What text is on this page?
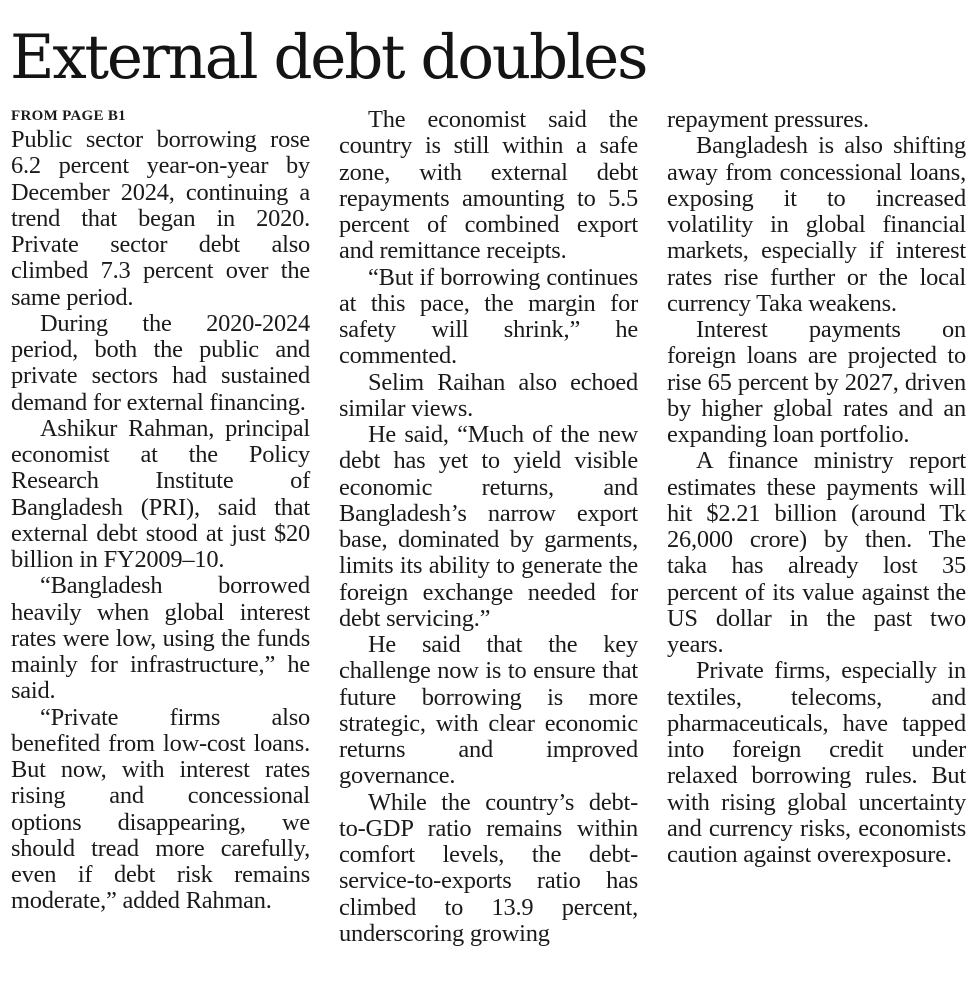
External debt doubles
FROM PAGE B1

Public sector borrowing rose 6.2 percent year-on-year by December 2024, continuing a trend that began in 2020. Private sector debt also climbed 7.3 percent over the same period.

During the 2020-2024 period, both the public and private sectors had sustained demand for external financing.

Ashikur Rahman, principal economist at the Policy Research Institute of Bangladesh (PRI), said that external debt stood at just $20 billion in FY2009–10.

“Bangladesh borrowed heavily when global interest rates were low, using the funds mainly for infrastructure,” he said.

“Private firms also benefited from low-cost loans. But now, with interest rates rising and concessional options disappearing, we should tread more carefully, even if debt risk remains moderate,” added Rahman.

The economist said the country is still within a safe zone, with external debt repayments amounting to 5.5 percent of combined export and remittance receipts.

“But if borrowing continues at this pace, the margin for safety will shrink,” he commented.

Selim Raihan also echoed similar views.

He said, “Much of the new debt has yet to yield visible economic returns, and Bangladesh’s narrow export base, dominated by garments, limits its ability to generate the foreign exchange needed for debt servicing.”

He said that the key challenge now is to ensure that future borrowing is more strategic, with clear economic returns and improved governance.

While the country’s debt-to-GDP ratio remains within comfort levels, the debt-service-to-exports ratio has climbed to 13.9 percent, underscoring growing

repayment pressures.

Bangladesh is also shifting away from concessional loans, exposing it to increased volatility in global financial markets, especially if interest rates rise further or the local currency Taka weakens.

Interest payments on foreign loans are projected to rise 65 percent by 2027, driven by higher global rates and an expanding loan portfolio.

A finance ministry report estimates these payments will hit $2.21 billion (around Tk 26,000 crore) by then. The taka has already lost 35 percent of its value against the US dollar in the past two years.

Private firms, especially in textiles, telecoms, and pharmaceuticals, have tapped into foreign credit under relaxed borrowing rules. But with rising global uncertainty and currency risks, economists caution against overexposure.
